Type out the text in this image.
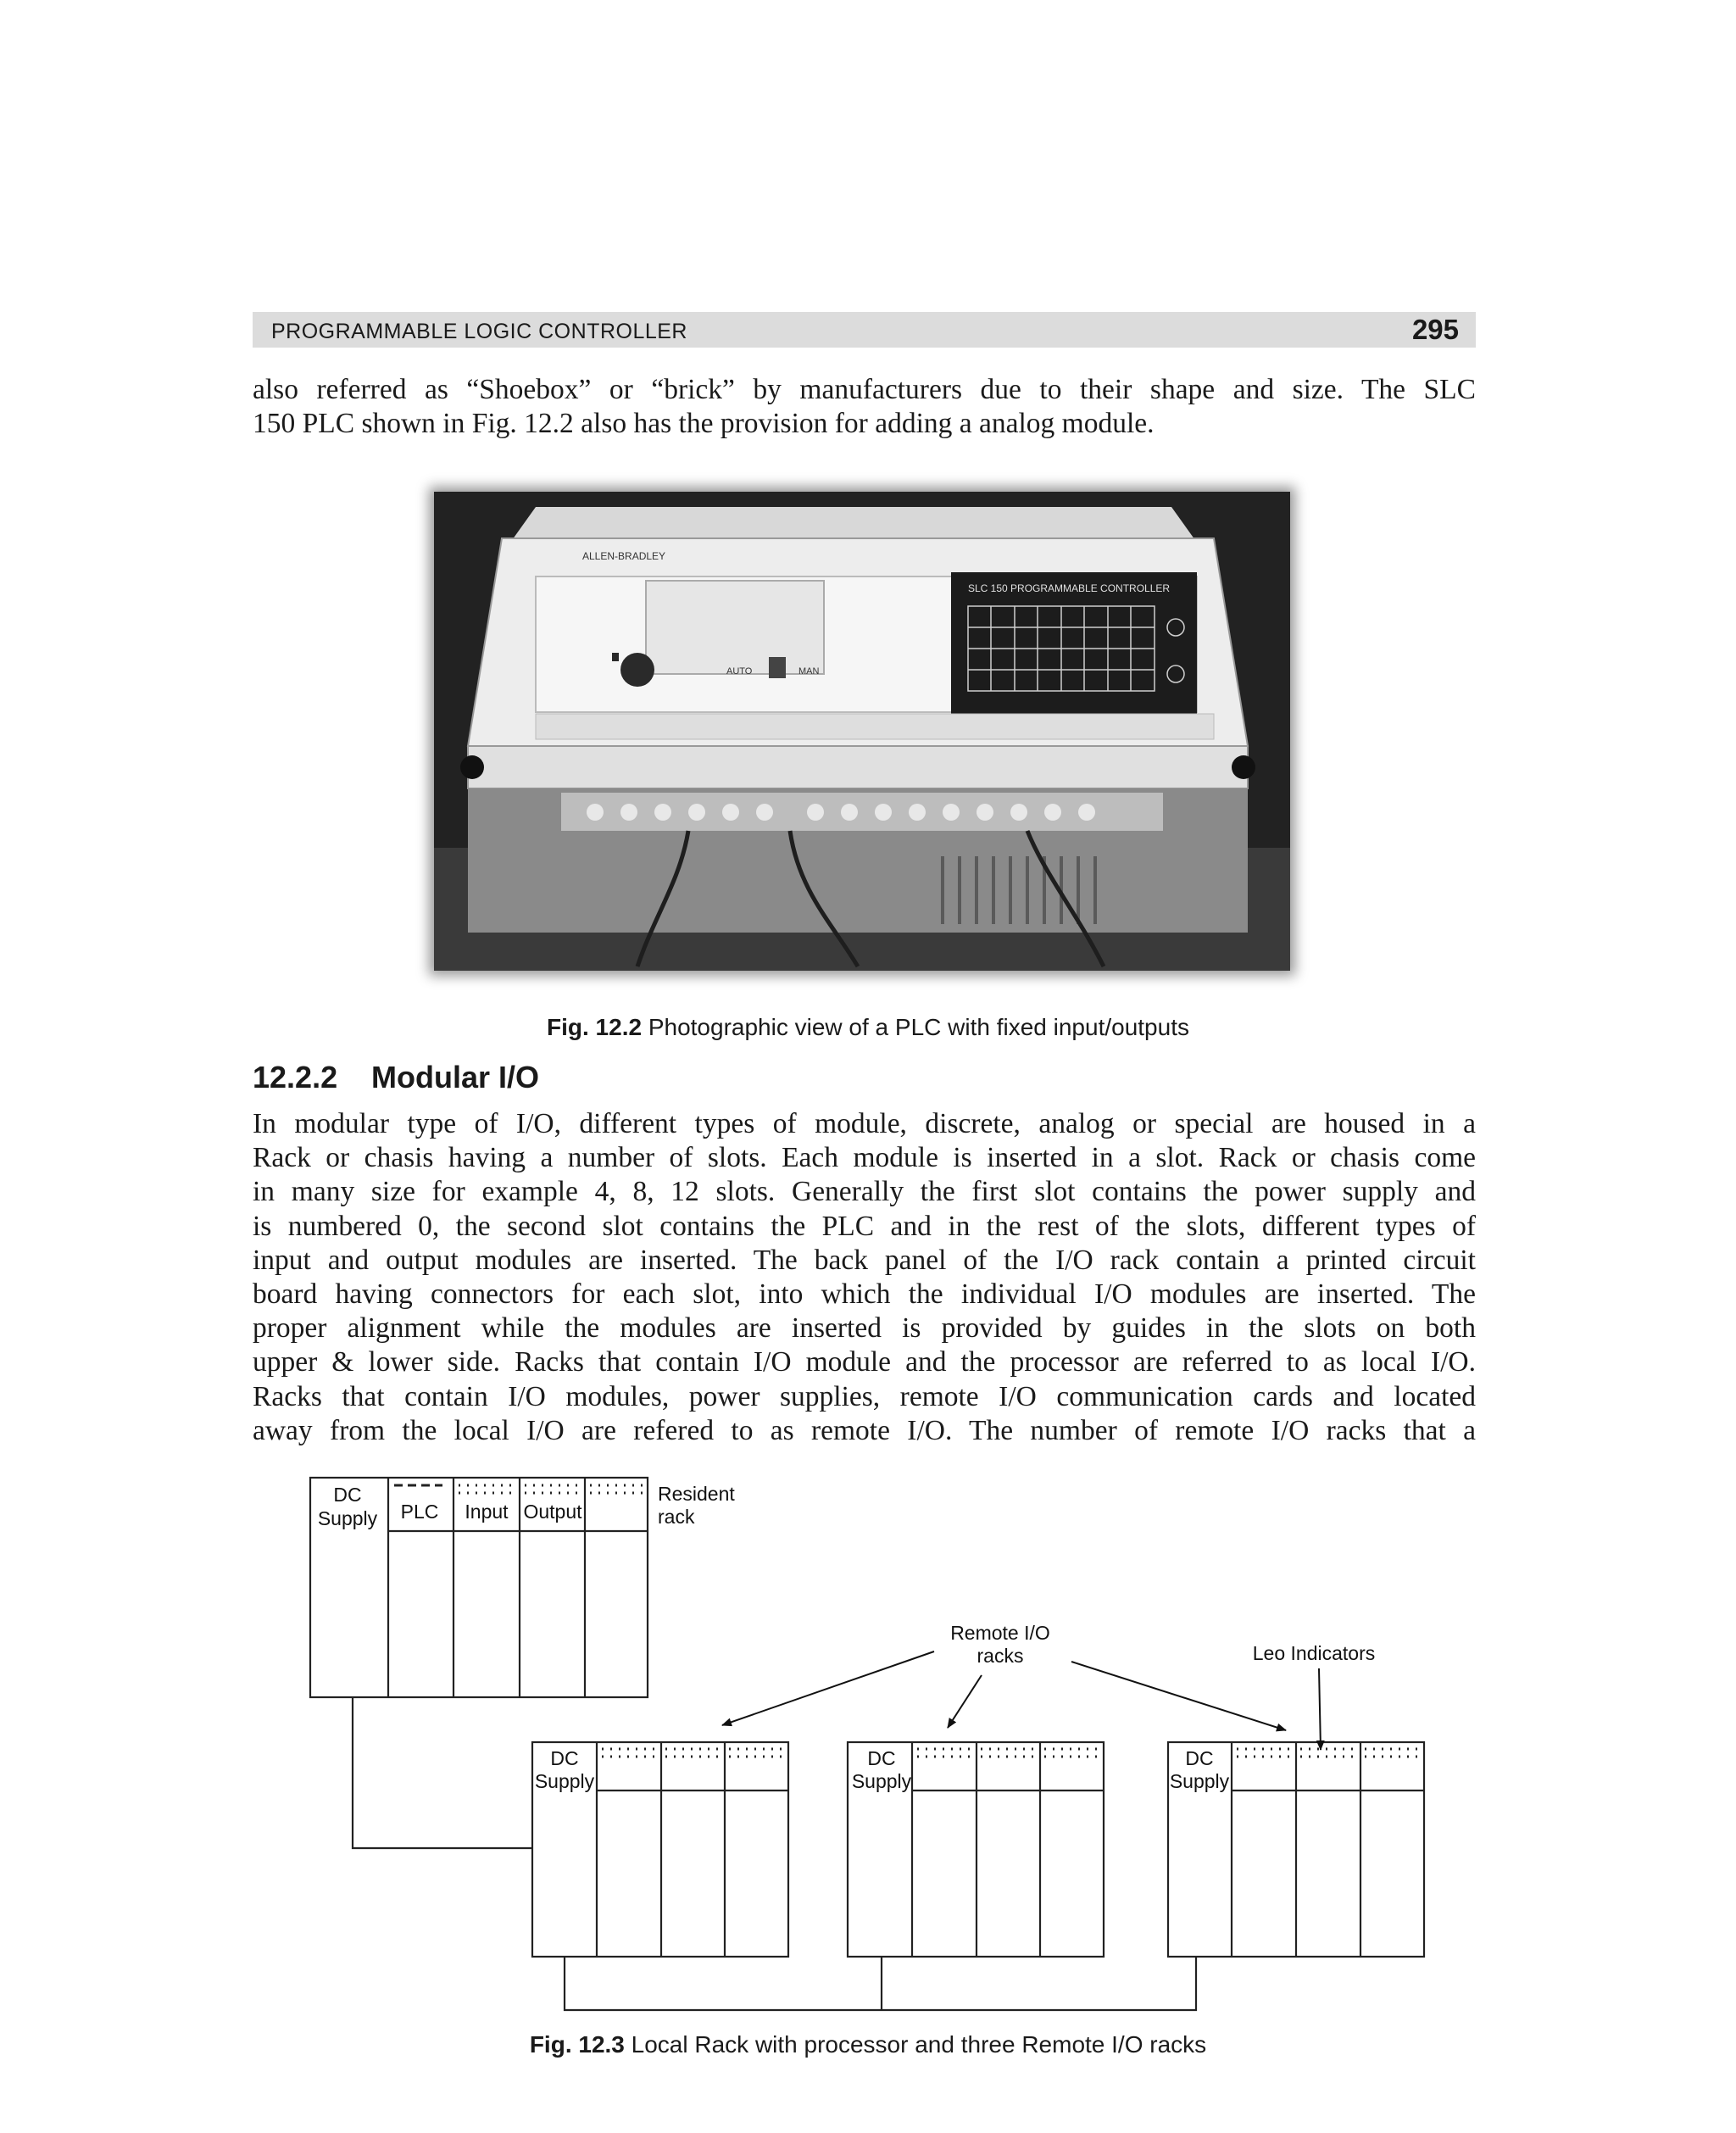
PROGRAMMABLE LOGIC CONTROLLER	295
also referred as “Shoebox” or “brick” by manufacturers due to their shape and size. The SLC
150 PLC shown in Fig. 12.2 also has the provision for adding a analog module.
AUTO	MAN
ALLEN-BRADLEY
SLC 150 PROGRAMMABLE CONTROLLER
Fig. 12.2 Photographic view of a PLC with fixed input/outputs
12.2.2 Modular I/O
In modular type of I/O, different types of module, discrete, analog or special are housed in a
Rack or chasis having a number of slots. Each module is inserted in a slot. Rack or chasis come
in many size for example 4, 8, 12 slots. Generally the first slot contains the power supply and
is numbered 0, the second slot contains the PLC and in the rest of the slots, different types of
input and output modules are inserted. The back panel of the I/O rack contain a printed circuit
board having connectors for each slot, into which the individual I/O modules are inserted. The
proper alignment while the modules are inserted is provided by guides in the slots on both
upper & lower side. Racks that contain I/O module and the processor are referred to as local I/O.
Racks that contain I/O modules, power supplies, remote I/O communication cards and located
away from the local I/O are refered to as remote I/O. The number of remote I/O racks that a
DC
Supply PLC Input Output
Resident
rack
Remote I/O
racks	Leo Indicators
DC
Supply
DC
Supply
DC
Supply
Fig. 12.3 Local Rack with processor and three Remote I/O racks
